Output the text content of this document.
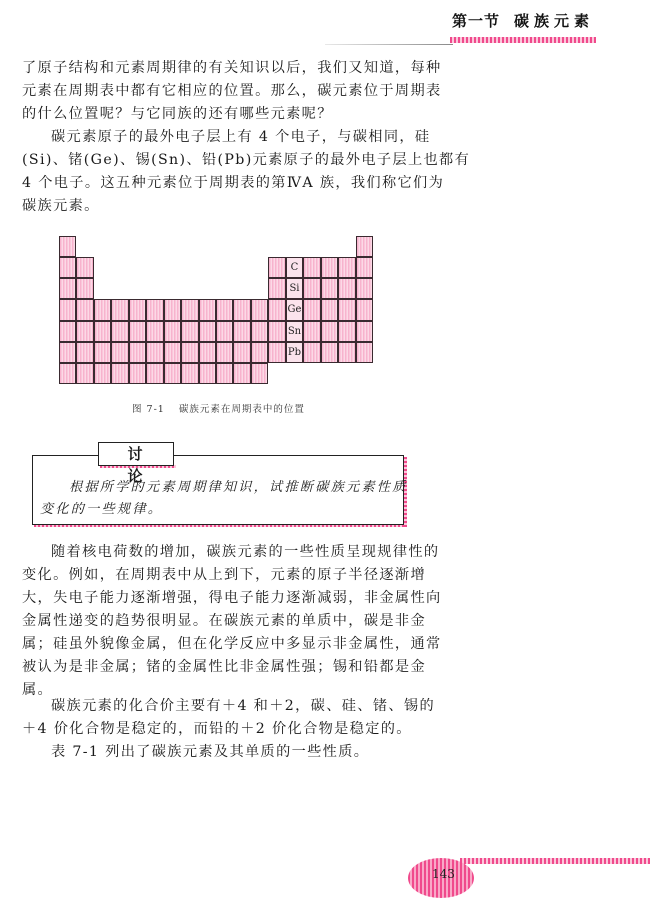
第一节 碳族元素

了原子结构和元素周期律的有关知识以后，我们又知道，每种
元素在周期表中都有它相应的位置。那么，碳元素位于周期表
的什么位置呢？与它同族的还有哪些元素呢？

碳元素原子的最外电子层上有 4 个电子，与碳相同，硅
(Si)、锗(Ge)、锡(Sn)、铅(Pb)元素原子的最外电子层上也都有
4 个电子。这五种元素位于周期表的第ⅣA 族，我们称它们为
碳族元素。

C
Si
Ge
Sn
Pb
图 7-1 碳族元素在周期表中的位置
讨 论
根据所学的元素周期律知识，试推断碳族元素性质
变化的一些规律。

随着核电荷数的增加，碳族元素的一些性质呈现规律性的
变化。例如，在周期表中从上到下，元素的原子半径逐渐增
大，失电子能力逐渐增强，得电子能力逐渐减弱，非金属性向
金属性递变的趋势很明显。在碳族元素的单质中，碳是非金
属；硅虽外貌像金属，但在化学反应中多显示非金属性，通常
被认为是非金属；锗的金属性比非金属性强；锡和铅都是金
属。

碳族元素的化合价主要有＋4 和＋2，碳、硅、锗、锡的
＋4 价化合物是稳定的，而铅的＋2 价化合物是稳定的。

表 7-1 列出了碳族元素及其单质的一些性质。

143
